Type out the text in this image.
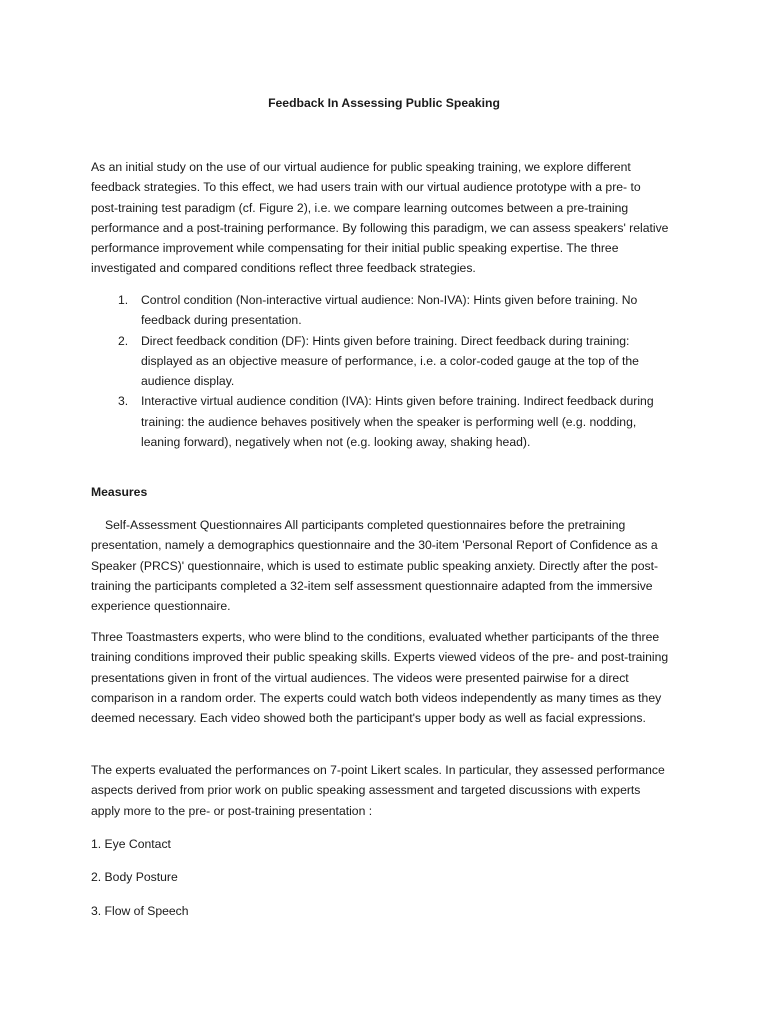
Feedback In Assessing Public Speaking

As an initial study on the use of our virtual audience for public speaking training, we explore different feedback strategies. To this effect, we had users train with our virtual audience prototype with a pre- to post-training test paradigm (cf. Figure 2), i.e. we compare learning outcomes between a pre-training performance and a post-training performance. By following this paradigm, we can assess speakers' relative performance improvement while compensating for their initial public speaking expertise. The three investigated and compared conditions reflect three feedback strategies.

1. Control condition (Non-interactive virtual audience: Non-IVA): Hints given before training. No feedback during presentation.
2. Direct feedback condition (DF): Hints given before training. Direct feedback during training: displayed as an objective measure of performance, i.e. a color-coded gauge at the top of the audience display.
3. Interactive virtual audience condition (IVA): Hints given before training. Indirect feedback during training: the audience behaves positively when the speaker is performing well (e.g. nodding, leaning forward), negatively when not (e.g. looking away, shaking head).
Measures

Self-Assessment Questionnaires All participants completed questionnaires before the pretraining presentation, namely a demographics questionnaire and the 30-item 'Personal Report of Confidence as a Speaker (PRCS)' questionnaire, which is used to estimate public speaking anxiety. Directly after the post-training the participants completed a 32-item self assessment questionnaire adapted from the immersive experience questionnaire.

Three Toastmasters experts, who were blind to the conditions, evaluated whether participants of the three training conditions improved their public speaking skills. Experts viewed videos of the pre- and post-training presentations given in front of the virtual audiences. The videos were presented pairwise for a direct comparison in a random order. The experts could watch both videos independently as many times as they deemed necessary. Each video showed both the participant's upper body as well as facial expressions.

The experts evaluated the performances on 7-point Likert scales. In particular, they assessed performance aspects derived from prior work on public speaking assessment and targeted discussions with experts apply more to the pre- or post-training presentation :

1. Eye Contact
2. Body Posture
3. Flow of Speech
